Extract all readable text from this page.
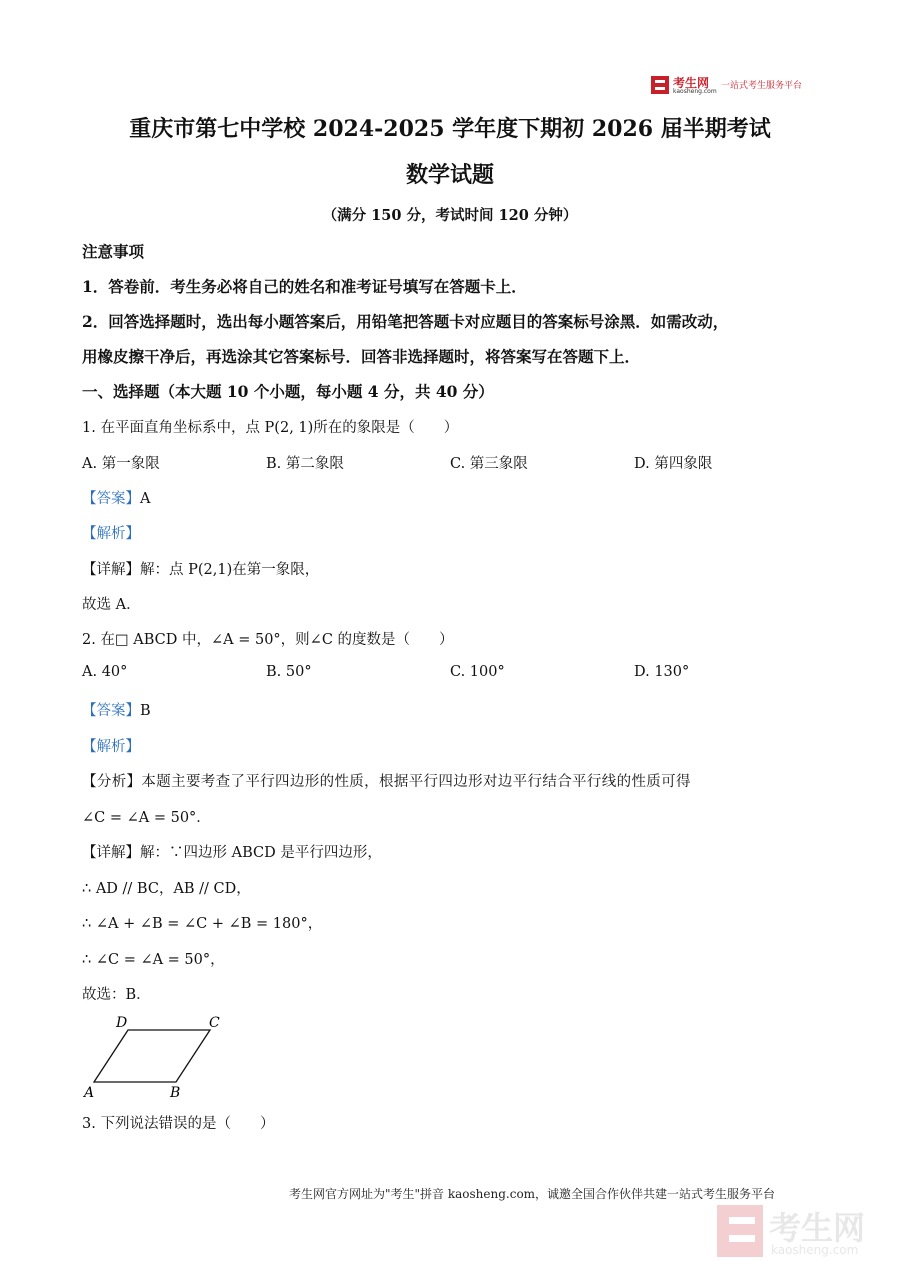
考生网
kaosheng.com
一站式考生服务平台
重庆市第七中学校 2024-2025 学年度下期初 2026 届半期考试
数学试题
（满分 150 分，考试时间 120 分钟）
注意事项
1．答卷前．考生务必将自己的姓名和准考证号填写在答题卡上．
2．回答选择题时，选出每小题答案后，用铅笔把答题卡对应题目的答案标号涂黑．如需改动，
用橡皮擦干净后，再选涂其它答案标号．回答非选择题时，将答案写在答题下上．
一、选择题（本大题 10 个小题，每小题 4 分，共 40 分）
1. 在平面直角坐标系中，点 P(2, 1)所在的象限是（　　）
A. 第一象限	B. 第二象限	C. 第三象限	D. 第四象限
【答案】A
【解析】
【详解】解：点 P(2,1)在第一象限，
故选 A．
2. 在□ ABCD 中，∠A = 50°，则∠C 的度数是（　　）
A. 40°	B. 50°	C. 100°	D. 130°
【答案】B
【解析】
【分析】本题主要考查了平行四边形的性质，根据平行四边形对边平行结合平行线的性质可得
∠C = ∠A = 50°．
【详解】解：∵四边形 ABCD 是平行四边形，
∴ AD // BC，AB // CD，
∴ ∠A + ∠B = ∠C + ∠B = 180°，
∴ ∠C = ∠A = 50°，
故选：B．
D	C
A	B
3. 下列说法错误的是（　　）
考生网官方网址为"考生"拼音 kaosheng.com，诚邀全国合作伙伴共建一站式考生服务平台
考生网
kaosheng.com
